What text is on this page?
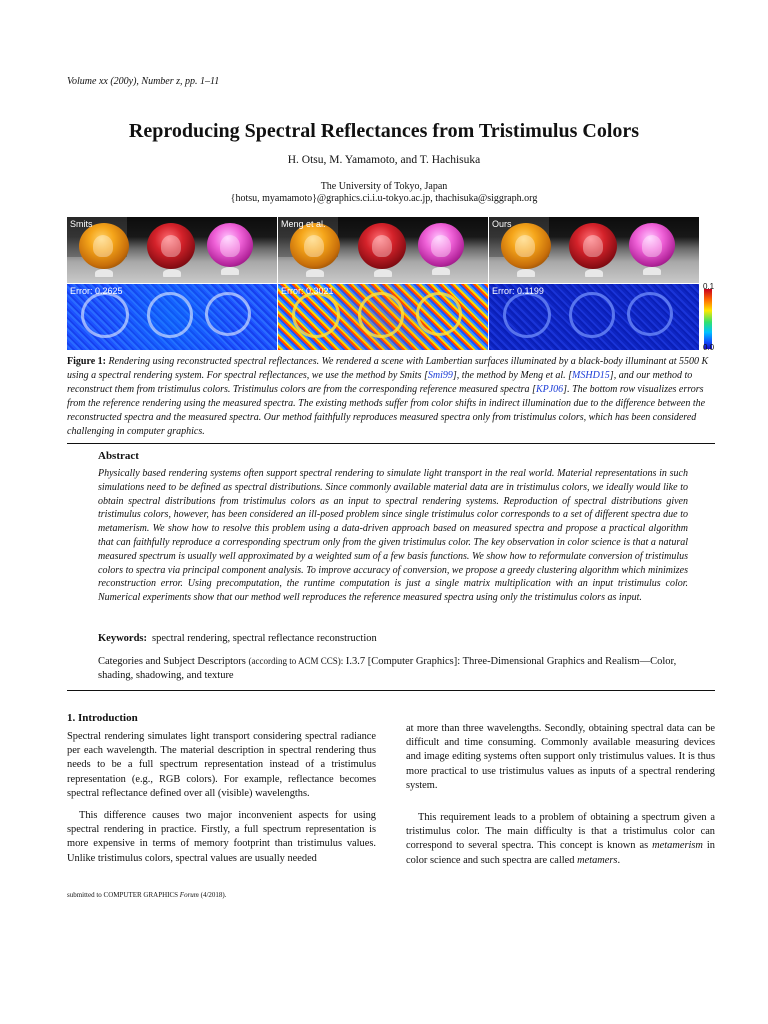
Volume xx (200y), Number z, pp. 1–11
Reproducing Spectral Reflectances from Tristimulus Colors
H. Otsu, M. Yamamoto, and T. Hachisuka
The University of Tokyo, Japan
{hotsu, myamamoto}@graphics.ci.i.u-tokyo.ac.jp, thachisuka@siggraph.org
Smits	Meng et al.	Ours
Error: 0.2625	Error: 0.3021	Error: 0.1199	0.1
0.0
Figure 1: Rendering using reconstructed spectral reflectances. We rendered a scene with Lambertian surfaces illuminated by a black-body illuminant at 5500 K using a spectral rendering system. For spectral reflectances, we use the method by Smits [Smi99], the method by Meng et al. [MSHD15], and our method to reconstruct them from tristimulus colors. Tristimulus colors are from the corresponding reference measured spectra [KPJ06]. The bottom row visualizes errors from the reference rendering using the measured spectra. The existing methods suffer from color shifts in indirect illumination due to the difference between the reconstructed spectra and the measured spectra. Our method faithfully reproduces measured spectra only from tristimulus colors, which has been considered challenging in computer graphics.
Abstract
Physically based rendering systems often support spectral rendering to simulate light transport in the real world. Material representations in such simulations need to be defined as spectral distributions. Since commonly available material data are in tristimulus colors, we ideally would like to obtain spectral distributions from tristimulus colors as an input to spectral rendering systems. Reproduction of spectral distributions given tristimulus colors, however, has been considered an ill-posed problem since single tristimulus color corresponds to a set of different spectra due to metamerism. We show how to resolve this problem using a data-driven approach based on measured spectra and propose a practical algorithm that can faithfully reproduce a corresponding spectrum only from the given tristimulus color. The key observation in color science is that a natural measured spectrum is usually well approximated by a weighted sum of a few basis functions. We show how to reformulate conversion of tristimulus colors to spectra via principal component analysis. To improve accuracy of conversion, we propose a greedy clustering algorithm which minimizes reconstruction error. Using precomputation, the runtime computation is just a single matrix multiplication with an input tristimulus color. Numerical experiments show that our method well reproduces the reference measured spectra using only the tristimulus colors as input.
Keywords: spectral rendering, spectral reflectance reconstruction
Categories and Subject Descriptors (according to ACM CCS): I.3.7 [Computer Graphics]: Three-Dimensional Graphics and Realism—Color, shading, shadowing, and texture
1. Introduction

Spectral rendering simulates light transport considering spectral radiance per each wavelength. The material description in spectral rendering thus needs to be a full spectrum representation instead of a tristimulus representation (e.g., RGB colors). For example, reflectance becomes spectral reflectance defined over all (visible) wavelengths.

This difference causes two major inconvenient aspects for using spectral rendering in practice. Firstly, a full spectrum representation is more expensive in terms of memory footprint than tristimulus values. Unlike tristimulus colors, spectral values are usually needed

at more than three wavelengths. Secondly, obtaining spectral data can be difficult and time consuming. Commonly available measuring devices and image editing systems often support only tristimulus values. It is thus more practical to use tristimulus values as inputs of a spectral rendering system.

This requirement leads to a problem of obtaining a spectrum given a tristimulus color. The main difficulty is that a tristimulus color can correspond to several spectra. This concept is known as metamerism in color science and such spectra are called metamers.

submitted to COMPUTER GRAPHICS Forum (4/2018).
